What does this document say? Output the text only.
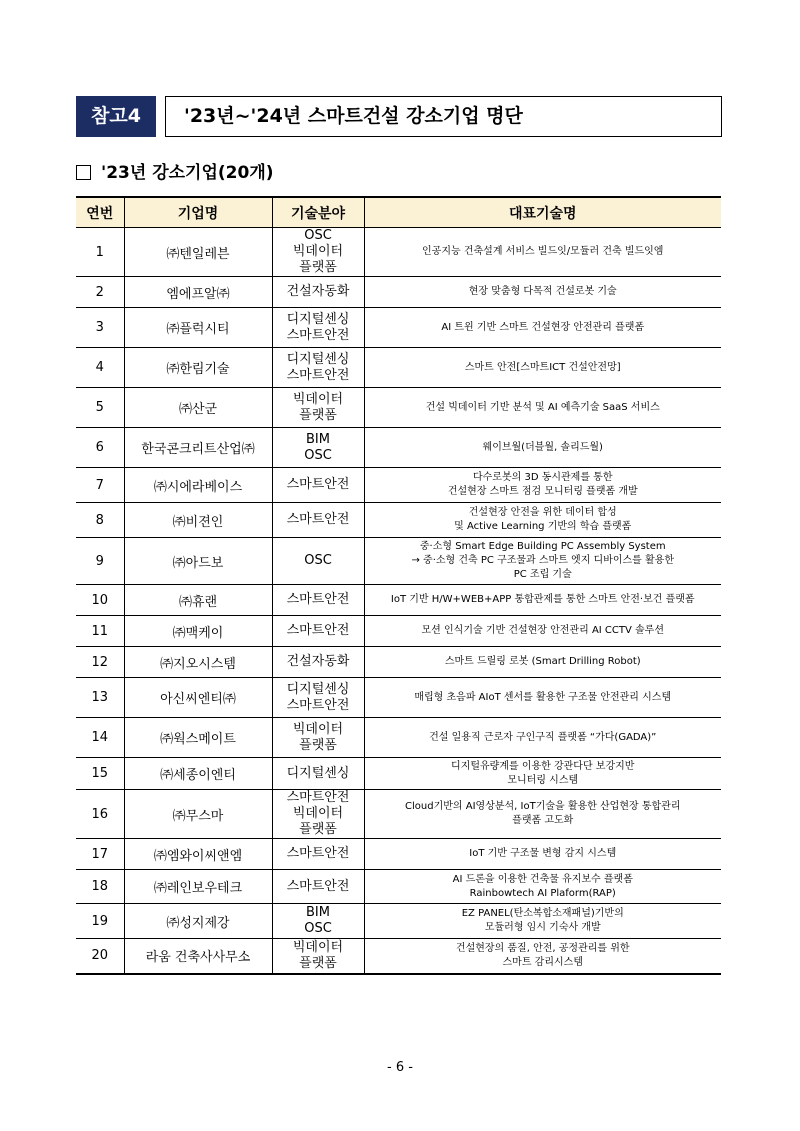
참고4	'23년~'24년 스마트건설 강소기업 명단
'23년 강소기업(20개)
연번	기업명	기술분야	대표기술명
1	㈜텐일레븐	OSC
빅데이터
플랫폼	인공지능 건축설계 서비스 빌드잇/모듈러 건축 빌드잇엠

2	엠에프알㈜	건설자동화	현장 맞춤형 다목적 건설로봇 기술

3	㈜플럭시티	디지털센싱
스마트안전	AI 트윈 기반 스마트 건설현장 안전관리 플랫폼

4	㈜한림기술	디지털센싱
스마트안전	스마트 안전[스마트ICT 건설안전망]

5	㈜산군	빅데이터
플랫폼	건설 빅데이터 기반 분석 및 AI 예측기술 SaaS 서비스

6	한국콘크리트산업㈜	BIM
OSC	웨이브월(더블월, 솔리드월)

7	㈜시에라베이스	스마트안전	다수로봇의 3D 동시관제를 통한
건설현장 스마트 점검 모니터링 플랫폼 개발

8	㈜비젼인	스마트안전	건설현장 안전을 위한 데이터 합성
및 Active Learning 기반의 학습 플랫폼

9	㈜아드보	OSC	중·소형 Smart Edge Building PC Assembly System
→ 중·소형 건축 PC 구조물과 스마트 엣지 디바이스를 활용한
PC 조립 기술

10	㈜휴랜	스마트안전	IoT 기반 H/W+WEB+APP 통합관제를 통한 스마트 안전·보건 플랫폼

11	㈜맥케이	스마트안전	모션 인식기술 기반 건설현장 안전관리 AI CCTV 솔루션

12	㈜지오시스템	건설자동화	스마트 드릴링 로봇 (Smart Drilling Robot)

13	아신씨엔티㈜	디지털센싱
스마트안전	매립형 초음파 AIoT 센서를 활용한 구조물 안전관리 시스템

14	㈜웍스메이트	빅데이터
플랫폼	건설 일용직 근로자 구인구직 플랫폼 “가다(GADA)”

15	㈜세종이엔티	디지털센싱	디지털유량계를 이용한 강관다단 보강지반
모니터링 시스템

16	㈜무스마	스마트안전
빅데이터
플랫폼	Cloud기반의 AI영상분석, IoT기술을 활용한 산업현장 통합관리
플랫폼 고도화

17	㈜엠와이씨앤엠	스마트안전	IoT 기반 구조물 변형 감지 시스템

18	㈜레인보우테크	스마트안전	AI 드론을 이용한 건축물 유지보수 플랫폼
Rainbowtech AI Plaform(RAP)

19	㈜성지제강	BIM
OSC	EZ PANEL(탄소복합소재패널)기반의
모듈러형 임시 기숙사 개발

20	라움 건축사사무소	빅데이터
플랫폼	건설현장의 품질, 안전, 공정관리를 위한
스마트 감리시스템
- 6 -
